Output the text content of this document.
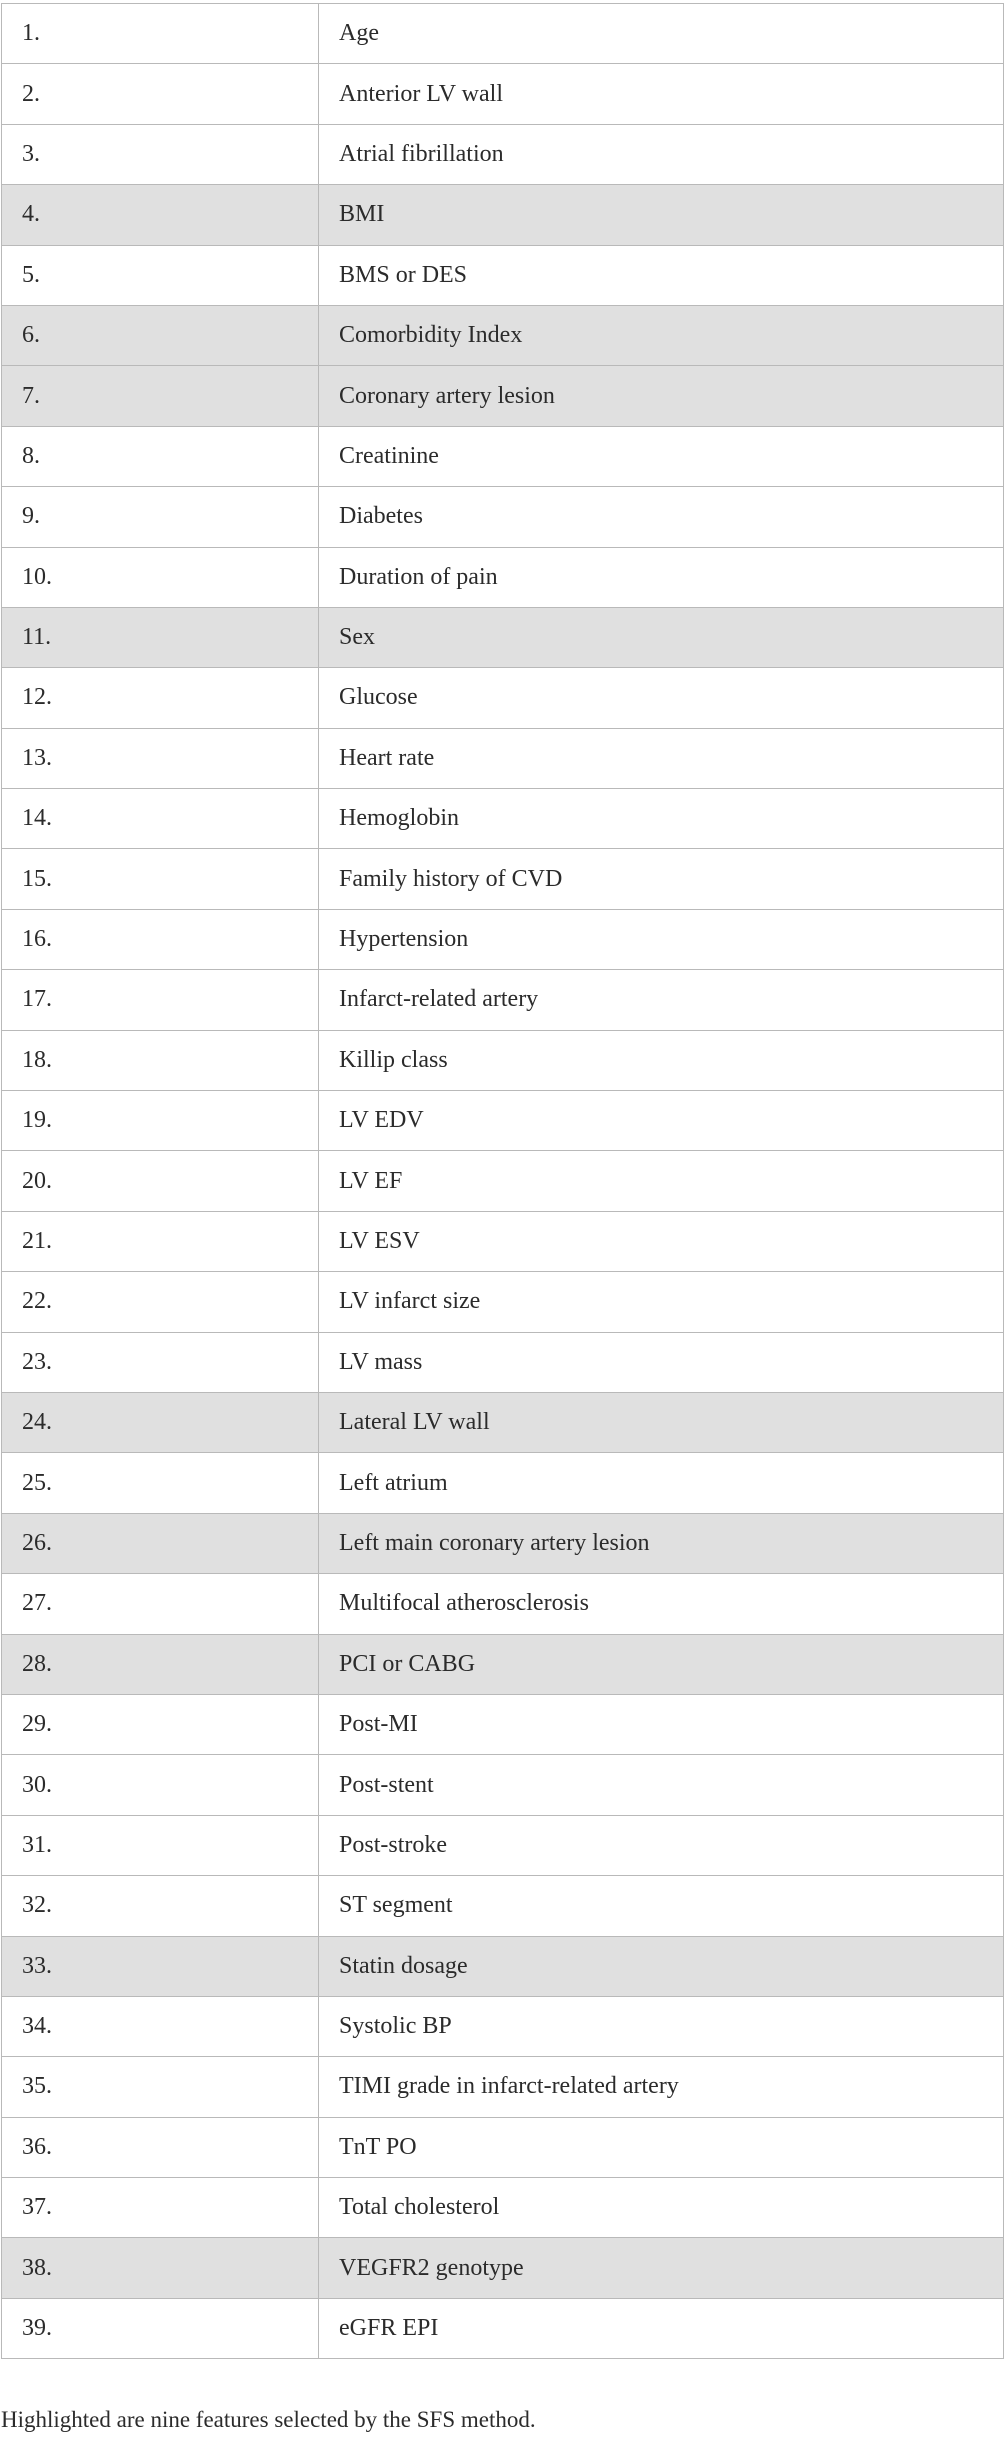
1.	Age
2.	Anterior LV wall
3.	Atrial fibrillation
4.	BMI
5.	BMS or DES
6.	Comorbidity Index
7.	Coronary artery lesion
8.	Creatinine
9.	Diabetes
10.	Duration of pain
11.	Sex
12.	Glucose
13.	Heart rate
14.	Hemoglobin
15.	Family history of CVD
16.	Hypertension
17.	Infarct-related artery
18.	Killip class
19.	LV EDV
20.	LV EF
21.	LV ESV
22.	LV infarct size
23.	LV mass
24.	Lateral LV wall
25.	Left atrium
26.	Left main coronary artery lesion
27.	Multifocal atherosclerosis
28.	PCI or CABG
29.	Post-MI
30.	Post-stent
31.	Post-stroke
32.	ST segment
33.	Statin dosage
34.	Systolic BP
35.	TIMI grade in infarct-related artery
36.	TnT PO
37.	Total cholesterol
38.	VEGFR2 genotype
39.	eGFR EPI
Highlighted are nine features selected by the SFS method.
